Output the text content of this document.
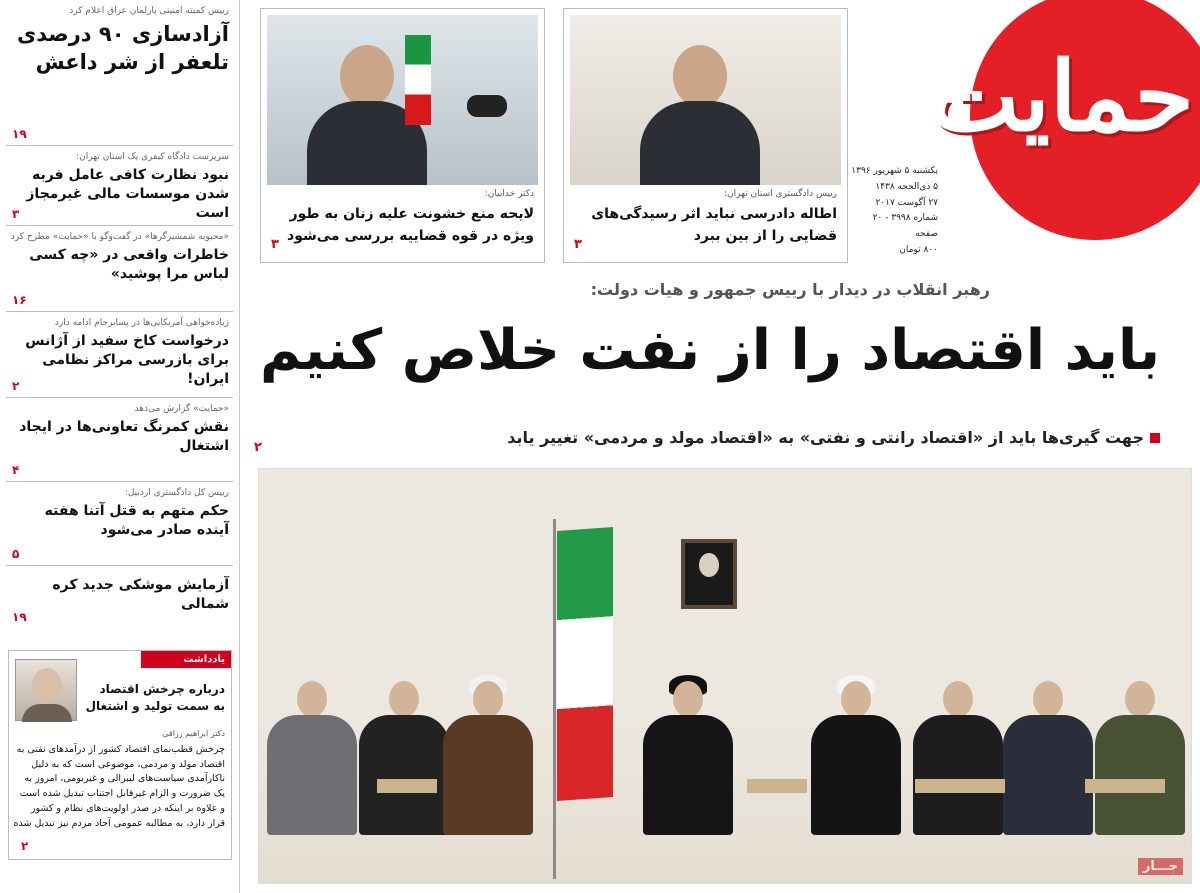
رییس کمیته امنیتی پارلمان عراق اعلام کرد
آزادسازی ۹۰ درصدی تلعفر از شر داعش
۱۹
سرپرست دادگاه کیفری یک استان تهران:
نبود نظارت کافی عامل فربه شدن موسسات مالی غیرمجاز است
۳
«محبوبه شمشیرگرها» در گفت‌وگو با «حمایت» مطرح کرد
خاطرات واقعی در «چه کسی لباس مرا پوشید»
۱۶
زیاده‌خواهی آمریکایی‌ها در پسابرجام ادامه دارد
درخواست کاخ سفید از آژانس برای بازرسی مراکز نظامی ایران!
۲
«حمایت» گزارش می‌دهد
نقش کمرنگ تعاونی‌ها در ایجاد اشتغال
۴
رییس کل دادگستری اردبیل:
حکم متهم به قتل آتنا هفته آینده صادر می‌شود
۵
آزمایش موشکی جدید کره شمالی
۱۹
یادداشت
درباره چرخش اقتصاد به سمت تولید و اشتغال
دکتر ابراهیم رزاقی
چرخش قطب‌نمای اقتصاد کشور از درآمدهای نفتی به اقتصاد مولد و مردمی، موضوعی است که به دلیل ناکارآمدی سیاست‌های لیبرالی و غیربومی، امروز به یک ضرورت و الزام غیرقابل اجتناب تبدیل شده است و علاوه بر اینکه در صدر اولویت‌های نظام و کشور قرار دارد، به مطالبه عمومی آحاد مردم نیز تبدیل شده
۲
حمایت
یکشنبه ۵ شهریور ۱۳۹۶
۵ ذی‌الحجه ۱۴۳۸
۲۷ آگوست ۲۰۱۷
شماره ۳۹۹۸ - ۲۰ صفحه
۸۰۰ تومان
رییس دادگستری استان تهران:
اطاله دادرسی نباید اثر رسیدگی‌های قضایی را از بین ببرد
۳
دکتر خدابیان:
لایحه منع خشونت علیه زنان به طور ویژه در قوه قضاییه بررسی می‌شود
۳
رهبر انقلاب در دیدار با رییس جمهور و هیات دولت:
باید اقتصاد را از نفت خلاص کنیم
جهت گیری‌ها باید از «اقتصاد رانتی و نفتی» به «اقتصاد مولد و مردمی» تغییر یابد
۲
جـــار
